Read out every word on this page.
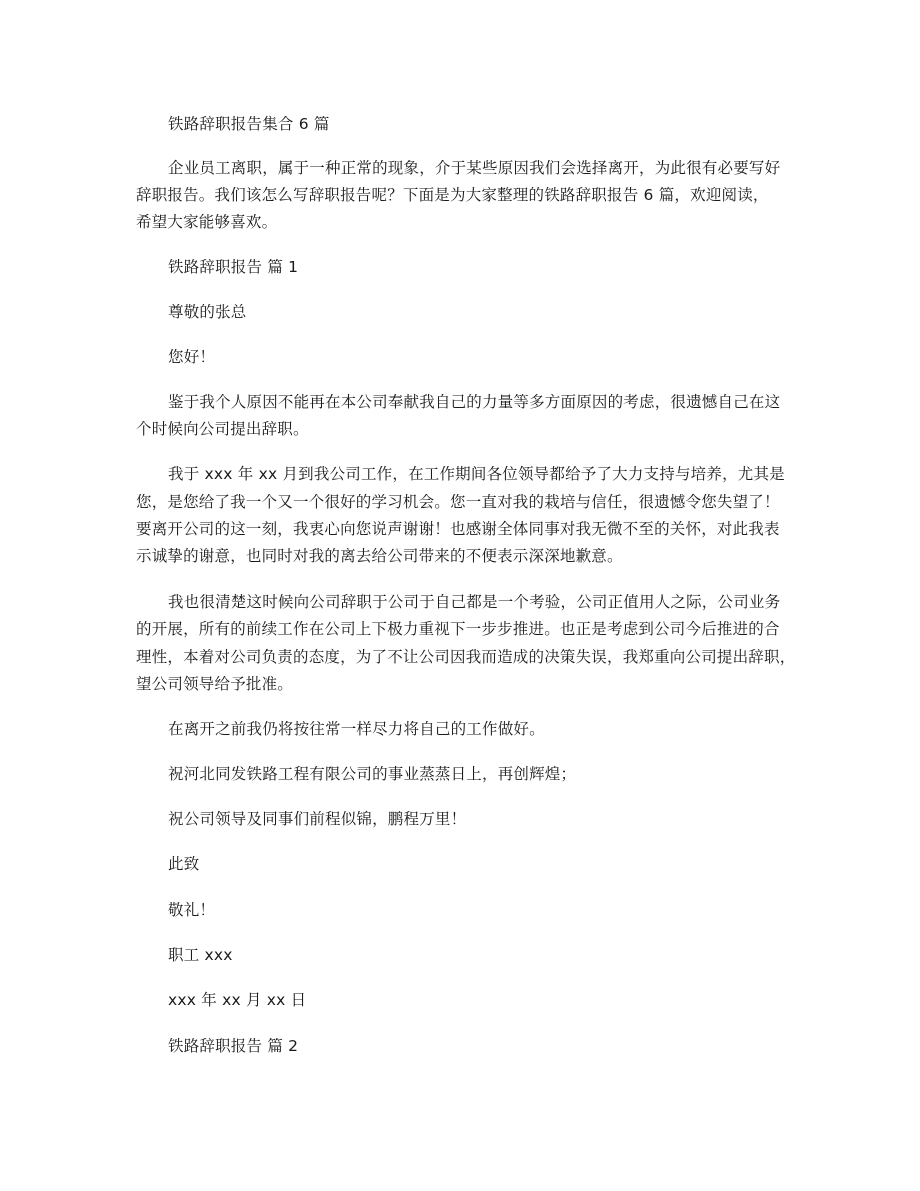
铁路辞职报告集合 6 篇
企业员工离职，属于一种正常的现象，介于某些原因我们会选择离开，为此很有必要写好
辞职报告。我们该怎么写辞职报告呢？下面是为大家整理的铁路辞职报告 6 篇，欢迎阅读，
希望大家能够喜欢。
铁路辞职报告 篇 1
尊敬的张总
您好！
鉴于我个人原因不能再在本公司奉献我自己的力量等多方面原因的考虑，很遗憾自己在这
个时候向公司提出辞职。
我于 xxx 年 xx 月到我公司工作，在工作期间各位领导都给予了大力支持与培养，尤其是
您，是您给了我一个又一个很好的学习机会。您一直对我的栽培与信任，很遗憾令您失望了！
要离开公司的这一刻，我衷心向您说声谢谢！也感谢全体同事对我无微不至的关怀，对此我表
示诚挚的谢意，也同时对我的离去给公司带来的不便表示深深地歉意。
我也很清楚这时候向公司辞职于公司于自己都是一个考验，公司正值用人之际，公司业务
的开展，所有的前续工作在公司上下极力重视下一步步推进。也正是考虑到公司今后推进的合
理性，本着对公司负责的态度，为了不让公司因我而造成的决策失误，我郑重向公司提出辞职，
望公司领导给予批准。
在离开之前我仍将按往常一样尽力将自己的工作做好。
祝河北同发铁路工程有限公司的事业蒸蒸日上，再创辉煌；
祝公司领导及同事们前程似锦，鹏程万里！
此致
敬礼！
职工 xxx
xxx 年 xx 月 xx 日
铁路辞职报告 篇 2
